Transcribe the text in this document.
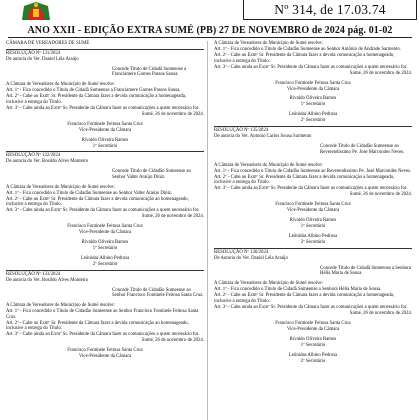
Nº 314, de 17.03.74
ANO XXII - EDIÇÃO EXTRA SUMÉ (PB) 27 DE NOVEMBRO de 2024 pág. 01-02
CÂMARA DE VEREADORES DE SUMÉ
RESOLUÇÃO Nº 131/2024
De autoria do Ver. Daniel Léla Araújo
Concede Título de Cidadã Sumeense a Franciamere Gomes Passos Sousa.
A Câmara de Vereadores do Município de Sumé resolve:
Art. 1º - Fica concedido o Título de Cidadã Sumeense a Franciamere Gomes Passos Sousa.
Art. 2º - Cabe ao Exmº Sr. Presidente da Câmara fazer a devida comunicação a homenageada, inclusive a entrega do Título.
Art. 3º - Cabe ainda ao Exmº Sr. Presidente da Câmara fazer as comunicações a quem necessário for.
Sumé, 26 de novembro de 2024.
Francisco Fontinele Feitosa Santa Cruz
Vice-Presidente da Câmara
Rivaldo Oliveira Ramos
1º Secretário
RESOLUÇÃO Nº 132/2024
De autoria do Ver. Bosildo Alves Monteiro
Concede Título de Cidadão Sumeense ao Senhor Valter Araújo Diniz.
A Câmara de Vereadores do Município de Sumé resolve:
Art. 1º - Fica concedido o Título de Cidadão Sumeense ao Senhor Valter Araújo Diniz.
Art. 2º - Cabe ao Exmº Sr. Presidente da Câmara fazer a devida comunicação ao homenageado, inclusive a entrega do Título.
Art. 3º - Cabe ainda ao Exmº Sr. Presidente da Câmara fazer as comunicações a quem necessário for.
Sumé, 26 de novembro de 2024.
Francisco Fontinele Feitosa Santa Cruz
Vice-Presidente da Câmara
Rivaldo Oliveira Ramos
1º Secretário
Leônidas Albino Pedrosa
2º Secretário
RESOLUÇÃO Nº 133/2024
De autoria do Ver. Bosildo Alves Monteiro
Concede Título de Cidadão Sumeense ao Senhor Francisco Fontinele Feitosa Santa Cruz.
A Câmara de Vereadores do Município de Sumé resolve:
Art. 1º - Fica concedido o Título de Cidadão Sumeense ao Senhor Francisco Fontinele Feitosa Santa Cruz.
Art. 2º - Cabe ao Exmº Sr. Presidente da Câmara fazer a devida comunicação ao homenageado, inclusive a entrega do Título.
Art. 3º - Cabe ainda ao Exmº Sr. Presidente da Câmara fazer as comunicações a quem necessário for.
Sumé, 26 de novembro de 2024.
Francisco Fontinele Feitosa Santa Cruz
Vice-Presidente da Câmara
A Câmara de Vereadores do Município de Sumé resolve:
Art. 1º - Fica concedido o Título de Cidadão Sumeense ao Senhor Antônio de Andrade Sarmento.
Art. 2º - Cabe ao Exmº Sr. Presidente da Câmara fazer a devida comunicação a homenageado, inclusive a entrega do Título.
Art. 3º - Cabe ainda ao Exmº Sr. Presidente da Câmara fazer as comunicações a quem necessário for.
Sumé, 26 de novembro de 2024.
Francisco Fontinele Feitosa Santa Cruz
Vice-Presidente da Câmara
Rivaldo Oliveira Ramos
1º Secretário
Leônidas Albino Pedrosa
2º Secretário
RESOLUÇÃO Nº 135/2024
De autoria do Ver. Antonio Carlos Sousa Sarmento
Concede Título de Cidadão Sumeense ao Reverendíssimo Pe. José Marcondes Neves.
A Câmara de Vereadores do Município de Sumé resolve:
Art. 1º - Fica concedido o Título de Cidadão Sumeense ao Reverendíssimo Pe. José Marcondes Neves.
Art. 2º - Cabe ao Exmº Sr. Presidente da Câmara fazer a devida comunicação a homenageado, inclusive a entrega do Título.
Art. 3º - Cabe ainda ao Exmº Sr. Presidente da Câmara fazer as comunicações a quem necessário for.
Sumé, 26 de novembro de 2024.
Francisco Fontinele Feitosa Santa Cruz
Vice-Presidente da Câmara
Rivaldo Oliveira Ramos
1º Secretário
Leônidas Albino Pedrosa
2º Secretário
RESOLUÇÃO Nº 136/2024
De Autoria do Ver. Daniel Léla Araújo
Concede Título de Cidadã Sumeense a Senhora Hélia Maria de Sousa
A Câmara de Vereadores do Município de Sumé resolve:
Art. 1º - Fica concedido o Título de Cidadã Sumeense a Senhora Hélia Maria de Sousa.
Art. 2º - Cabe ao Exmº Sr. Presidente da Câmara fazer a devida comunicação a homenageada, inclusive a entrega do Título.
Art. 3º - Cabe ainda ao Exmº Sr. Presidente da Câmara fazer as comunicações a quem necessário for.
Sumé, 26 de novembro de 2024.
Francisco Fontinele Feitosa Santa Cruz
Vice-Presidente da Câmara
Rivaldo Oliveira Ramos
1º Secretário
Leônidas Albino Pedrosa
2º Secretário
